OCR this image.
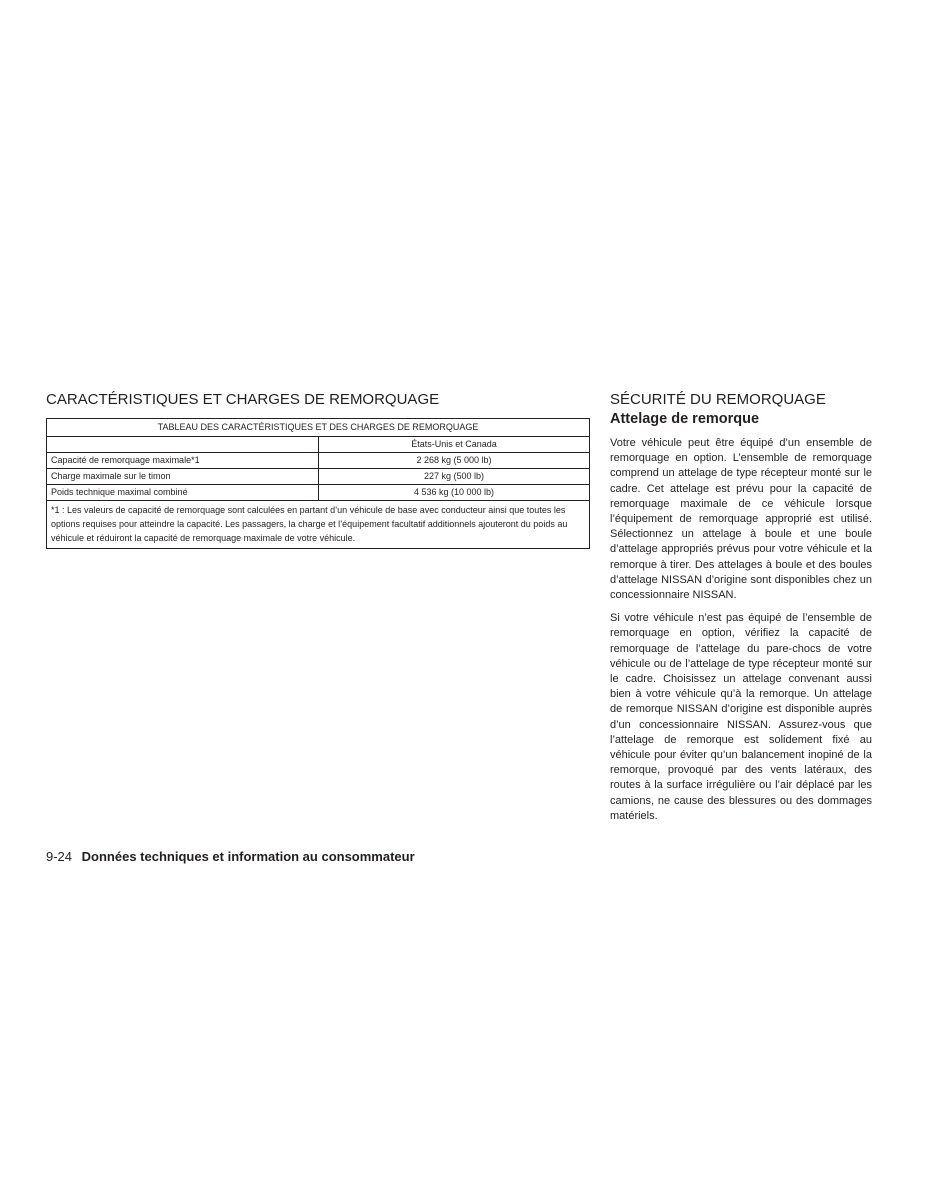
CARACTÉRISTIQUES ET CHARGES DE REMORQUAGE
TABLEAU DES CARACTÉRISTIQUES ET DES CHARGES DE REMORQUAGE	
	États-Unis et Canada
Capacité de remorquage maximale*1	2 268 kg (5 000 lb)
Charge maximale sur le timon	227 kg (500 lb)
Poids technique maximal combiné	4 536 kg (10 000 lb)
*1 : Les valeurs de capacité de remorquage sont calculées en partant d’un véhicule de base avec conducteur ainsi que toutes les options requises pour atteindre la capacité. Les passagers, la charge et l’équipement facultatif additionnels ajouteront du poids au véhicule et réduiront la capacité de remorquage maximale de votre véhicule.	
SÉCURITÉ DU REMORQUAGE
Attelage de remorque

Votre véhicule peut être équipé d’un ensemble de remorquage en option. L’ensemble de remorquage comprend un attelage de type récepteur monté sur le cadre. Cet attelage est prévu pour la capacité de remorquage maximale de ce véhicule lorsque l’équipement de remorquage approprié est utilisé. Sélectionnez un attelage à boule et une boule d’attelage appropriés prévus pour votre véhicule et la remorque à tirer. Des attelages à boule et des boules d’attelage NISSAN d’origine sont disponibles chez un concessionnaire NISSAN.

Si votre véhicule n’est pas équipé de l’ensemble de remorquage en option, vérifiez la capacité de remorquage de l’attelage du pare-chocs de votre véhicule ou de l’attelage de type récepteur monté sur le cadre. Choisissez un attelage convenant aussi bien à votre véhicule qu’à la remorque. Un attelage de remorque NISSAN d’origine est disponible auprès d’un concessionnaire NISSAN. Assurez-vous que l’attelage de remorque est solidement fixé au véhicule pour éviter qu’un balancement inopiné de la remorque, provoqué par des vents latéraux, des routes à la surface irrégulière ou l’air déplacé par les camions, ne cause des blessures ou des dommages matériels.

9-24 Données techniques et information au consommateur
